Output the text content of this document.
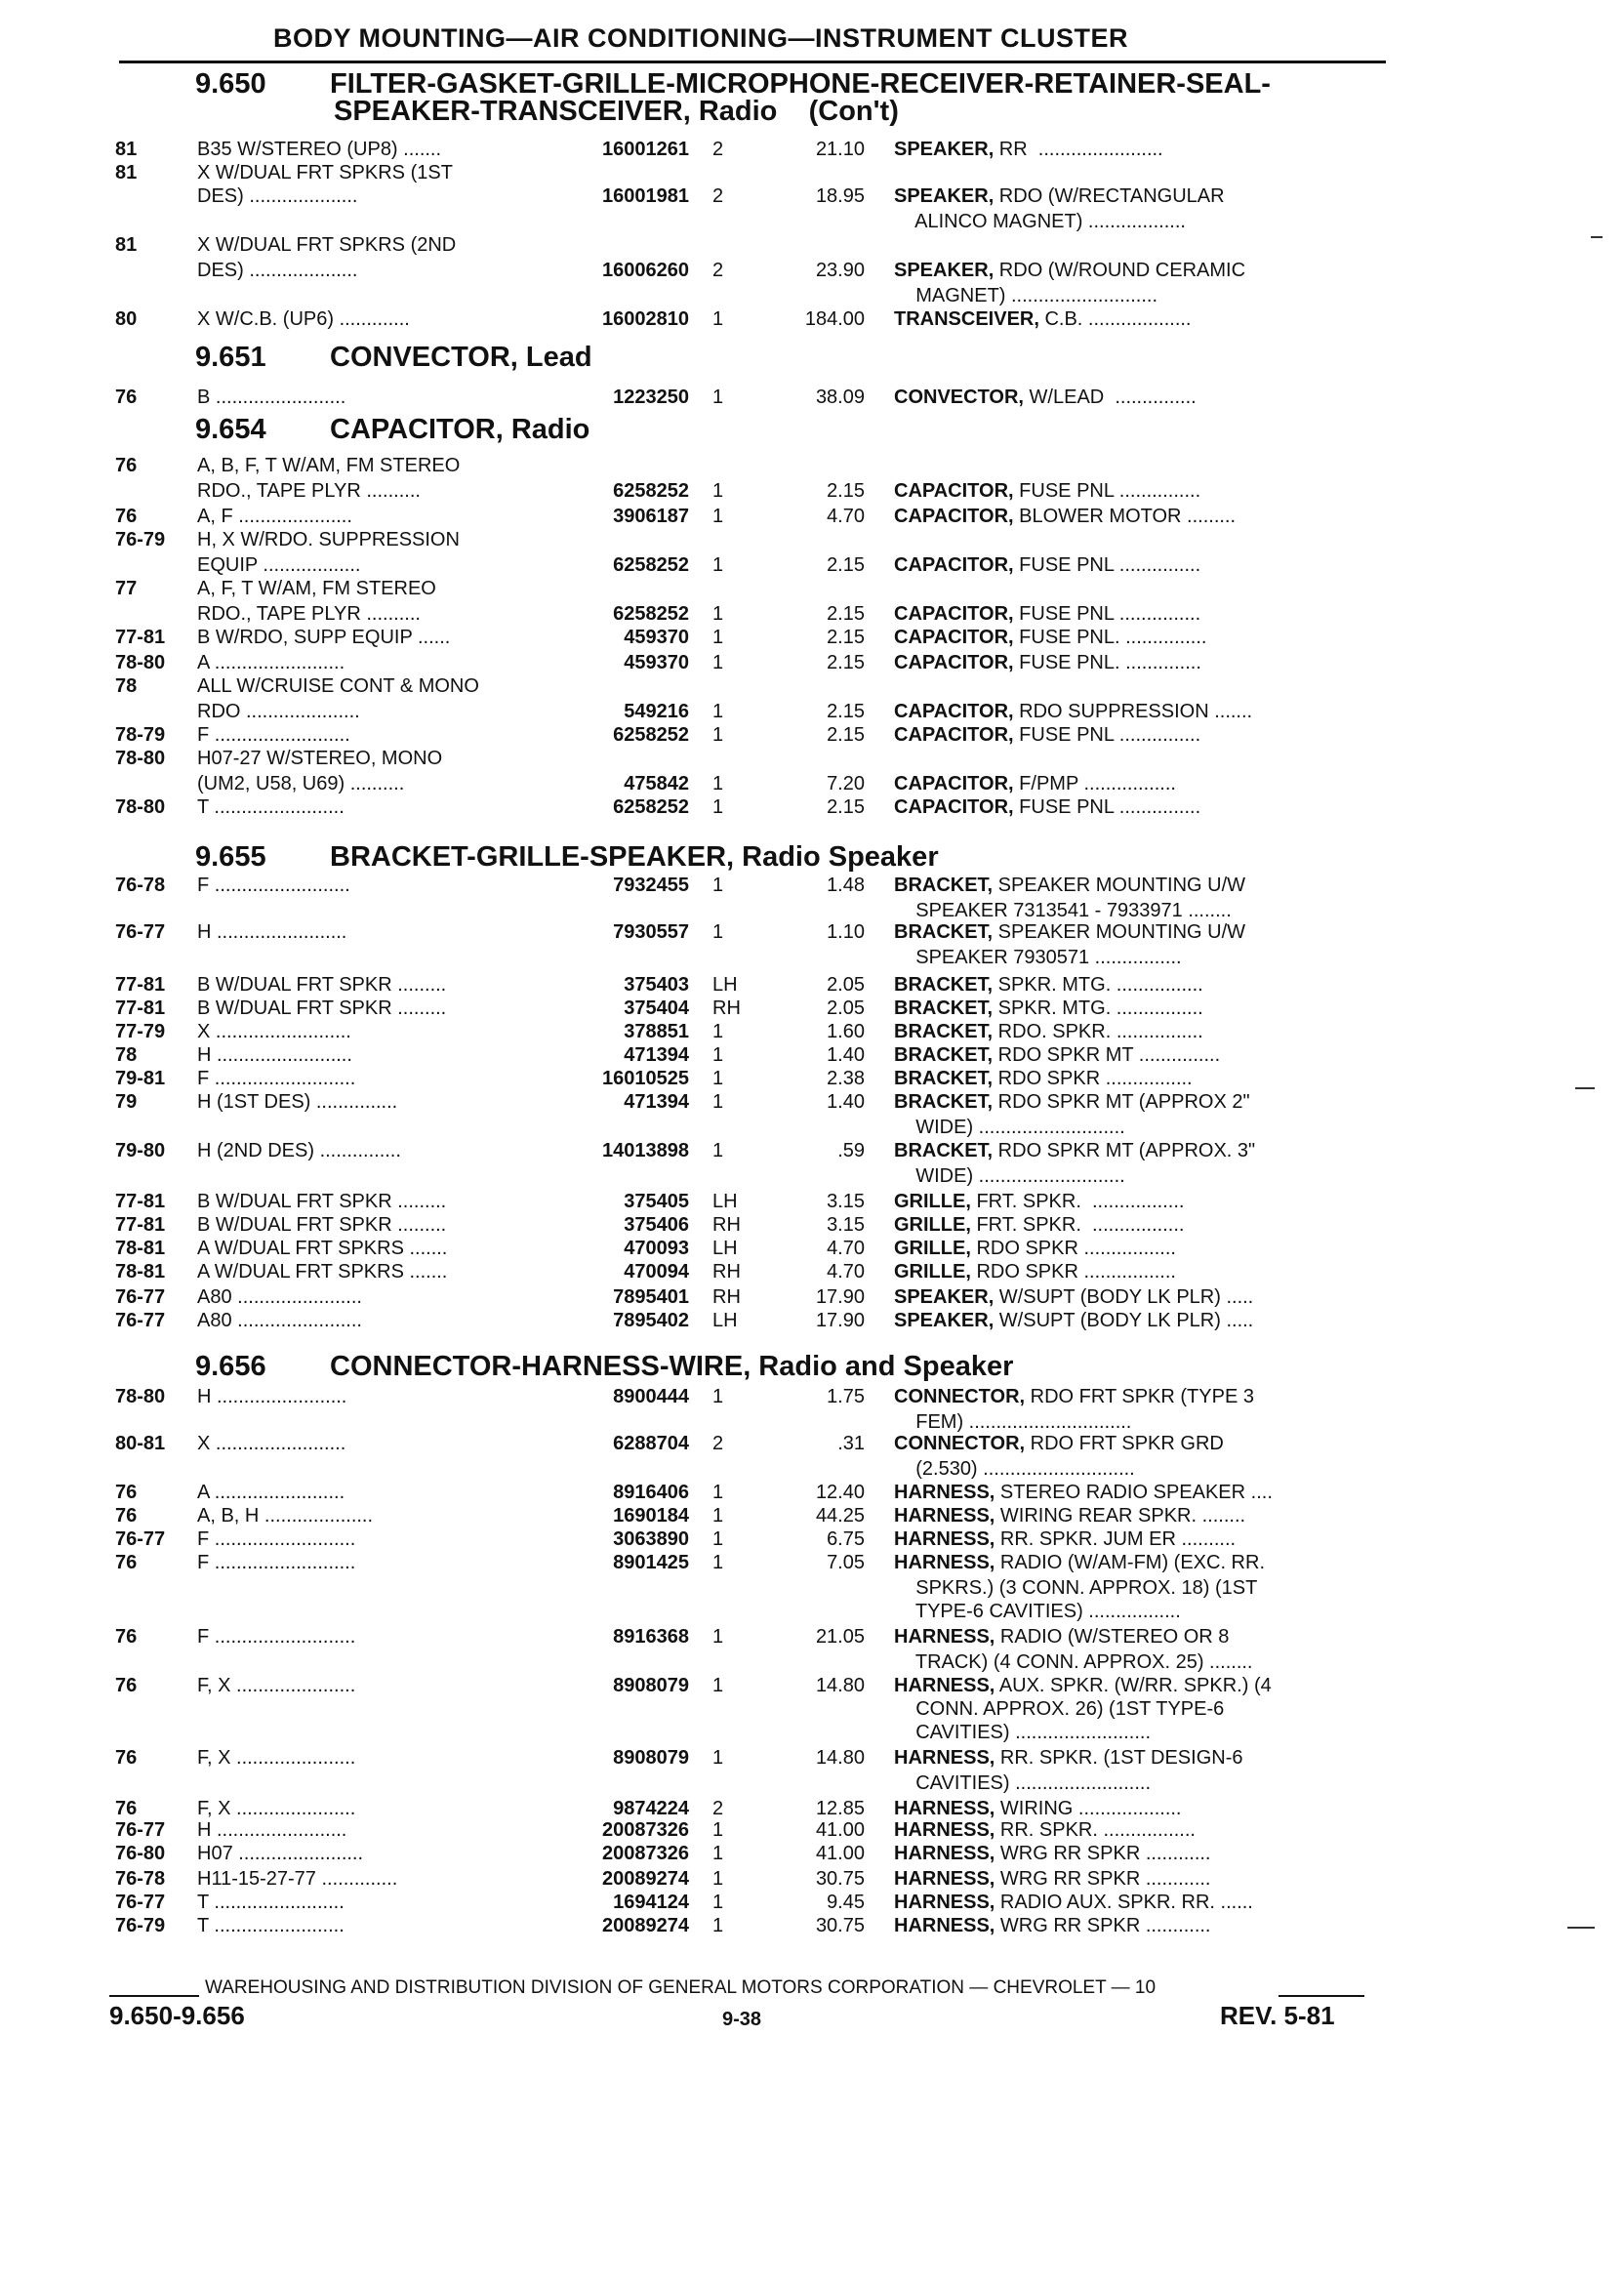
BODY MOUNTING—AIR CONDITIONING—INSTRUMENT CLUSTER
9.650 FILTER-GASKET-GRILLE-MICROPHONE-RECEIVER-RETAINER-SEAL-
SPEAKER-TRANSCEIVER, Radio    (Con't)
9.651 CONVECTOR, Lead
9.654 CAPACITOR, Radio
9.655 BRACKET-GRILLE-SPEAKER, Radio Speaker
9.656 CONNECTOR-HARNESS-WIRE, Radio and Speaker
81	B35 W/STEREO (UP8) .......	16001261 2	21.10 SPEAKER, RR  .......................
81	X W/DUAL FRT SPKRS (1ST
DES) ....................	16001981 2	18.95 SPEAKER, RDO (W/RECTANGULAR
ALINCO MAGNET) ..................
81	X W/DUAL FRT SPKRS (2ND
DES) ....................	16006260 2	23.90 SPEAKER, RDO (W/ROUND CERAMIC
MAGNET) ...........................
80	X W/C.B. (UP6) .............	16002810 1	184.00 TRANSCEIVER, C.B. ...................
76	B ........................	1223250 1	38.09 CONVECTOR, W/LEAD  ...............
76	A, B, F, T W/AM, FM STEREO
RDO., TAPE PLYR ..........	6258252 1	2.15 CAPACITOR, FUSE PNL ...............
76	A, F .....................	3906187 1	4.70 CAPACITOR, BLOWER MOTOR .........
76-79 H, X W/RDO. SUPPRESSION
EQUIP ..................	6258252 1	2.15 CAPACITOR, FUSE PNL ...............
77	A, F, T W/AM, FM STEREO
RDO., TAPE PLYR ..........	6258252 1	2.15 CAPACITOR, FUSE PNL ...............
77-81 B W/RDO, SUPP EQUIP ......	459370 1	2.15 CAPACITOR, FUSE PNL. ...............
78-80 A ........................	459370 1	2.15 CAPACITOR, FUSE PNL. ..............
78	ALL W/CRUISE CONT & MONO
RDO .....................	549216 1	2.15 CAPACITOR, RDO SUPPRESSION .......
78-79 F .........................	6258252 1	2.15 CAPACITOR, FUSE PNL ...............
78-80 H07-27 W/STEREO, MONO
(UM2, U58, U69) ..........	475842 1	7.20 CAPACITOR, F/PMP .................
78-80 T ........................	6258252 1	2.15 CAPACITOR, FUSE PNL ...............
76-78 F .........................	7932455 1	1.48 BRACKET, SPEAKER MOUNTING U/W
SPEAKER 7313541 - 7933971 ........
76-77 H ........................	7930557 1	1.10 BRACKET, SPEAKER MOUNTING U/W
SPEAKER 7930571 ................
77-81 B W/DUAL FRT SPKR .........	375403 LH	2.05 BRACKET, SPKR. MTG. ................
77-81 B W/DUAL FRT SPKR .........	375404 RH	2.05 BRACKET, SPKR. MTG. ................
77-79 X .........................	378851 1	1.60 BRACKET, RDO. SPKR. ................
78	H .........................	471394 1	1.40 BRACKET, RDO SPKR MT ...............
79-81 F ..........................	16010525 1	2.38 BRACKET, RDO SPKR ................
79	H (1ST DES) ...............	471394 1	1.40 BRACKET, RDO SPKR MT (APPROX 2"
WIDE) ...........................
79-80 H (2ND DES) ...............	14013898 1	.59 BRACKET, RDO SPKR MT (APPROX. 3"
WIDE) ...........................
77-81 B W/DUAL FRT SPKR .........	375405 LH	3.15 GRILLE, FRT. SPKR.  .................
77-81 B W/DUAL FRT SPKR .........	375406 RH	3.15 GRILLE, FRT. SPKR.  .................
78-81 A W/DUAL FRT SPKRS .......	470093 LH	4.70 GRILLE, RDO SPKR .................
78-81 A W/DUAL FRT SPKRS .......	470094 RH	4.70 GRILLE, RDO SPKR .................
76-77 A80 .......................	7895401 RH	17.90 SPEAKER, W/SUPT (BODY LK PLR) .....
76-77 A80 .......................	7895402 LH	17.90 SPEAKER, W/SUPT (BODY LK PLR) .....
78-80 H ........................	8900444 1	1.75 CONNECTOR, RDO FRT SPKR (TYPE 3
FEM) ..............................
80-81 X ........................	6288704 2	.31 CONNECTOR, RDO FRT SPKR GRD
(2.530) ............................
76	A ........................	8916406 1	12.40 HARNESS, STEREO RADIO SPEAKER ....
76	A, B, H ....................	1690184 1	44.25 HARNESS, WIRING REAR SPKR. ........
76-77 F ..........................	3063890 1	6.75 HARNESS, RR. SPKR. JUM ER ..........
76	F ..........................	8901425 1	7.05 HARNESS, RADIO (W/AM-FM) (EXC. RR.
SPKRS.) (3 CONN. APPROX. 18) (1ST
TYPE-6 CAVITIES) .................
76	F ..........................	8916368 1	21.05 HARNESS, RADIO (W/STEREO OR 8
TRACK) (4 CONN. APPROX. 25) ........
76	F, X ......................	8908079 1	14.80 HARNESS, AUX. SPKR. (W/RR. SPKR.) (4
CONN. APPROX. 26) (1ST TYPE-6
CAVITIES) .........................
76	F, X ......................	8908079 1	14.80 HARNESS, RR. SPKR. (1ST DESIGN-6
CAVITIES) .........................
76	F, X ......................	9874224 2	12.85 HARNESS, WIRING ...................
76-77 H ........................	20087326 1	41.00 HARNESS, RR. SPKR. .................
76-80 H07 .......................	20087326 1	41.00 HARNESS, WRG RR SPKR ............
76-78 H11-15-27-77 ..............	20089274 1	30.75 HARNESS, WRG RR SPKR ............
76-77 T ........................	1694124 1	9.45 HARNESS, RADIO AUX. SPKR. RR. ......
76-79 T ........................	20089274 1	30.75 HARNESS, WRG RR SPKR ............
WAREHOUSING AND DISTRIBUTION DIVISION OF GENERAL MOTORS CORPORATION — CHEVROLET — 10
9.650-9.656	9-38	REV. 5-81
